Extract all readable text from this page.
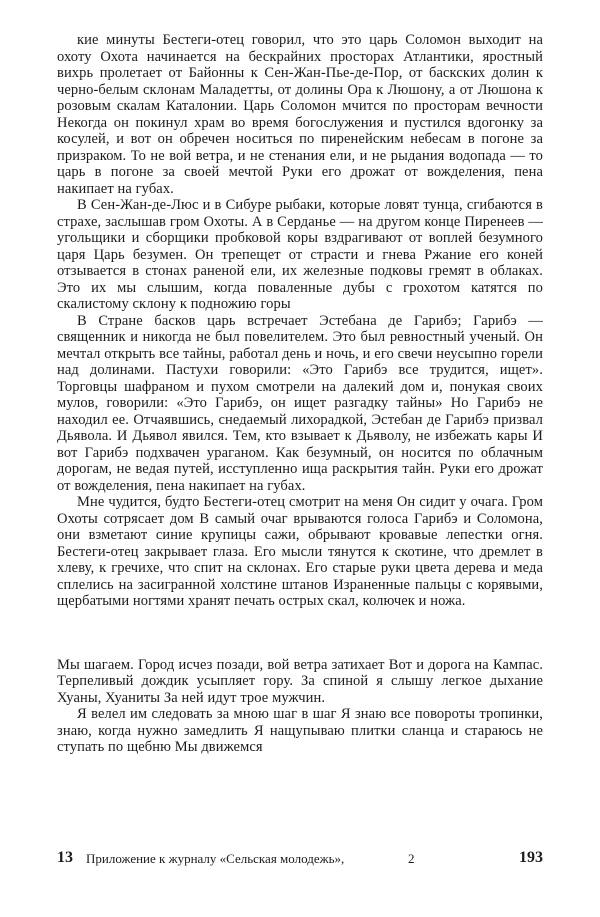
кие минуты Бестеги-отец говорил, что это царь Соломон выходит на охоту Охота начинается на бескрайних просторах Атлантики, яростный вихрь пролетает от Байонны к Сен-Жан-Пье-де-Пор, от баскских долин к черно-белым склонам Маладетты, от долины Ора к Люшону, а от Люшона к розовым скалам Каталонии. Царь Соломон мчится по просторам вечности Некогда он покинул храм во время богослужения и пустился вдогонку за косулей, и вот он обречен носиться по пиренейским небесам в погоне за призраком. То не вой ветра, и не стенания ели, и не рыдания водопада — то царь в погоне за своей мечтой Руки его дрожат от вожделения, пена накипает на губах.

В Сен-Жан-де-Люс и в Сибуре рыбаки, которые ловят тунца, сгибаются в страхе, заслышав гром Охоты. А в Серданье — на другом конце Пиренеев — угольщики и сборщики пробковой коры вздрагивают от воплей безумного царя Царь безумен. Он трепещет от страсти и гнева Ржание его коней отзывается в стонах раненой ели, их железные подковы гремят в облаках. Это их мы слышим, когда поваленные дубы с грохотом катятся по скалистому склону к подножию горы

В Стране басков царь встречает Эстебана де Гарибэ; Гарибэ — священник и никогда не был повелителем. Это был ревностный ученый. Он мечтал открыть все тайны, работал день и ночь, и его свечи неусыпно горели над долинами. Пастухи говорили: «Это Гарибэ все трудится, ищет». Торговцы шафраном и пухом смотрели на далекий дом и, понукая своих мулов, говорили: «Это Гарибэ, он ищет разгадку тайны» Но Гарибэ не находил ее. Отчаявшись, снедаемый лихорадкой, Эстебан де Гарибэ призвал Дьявола. И Дьявол явился. Тем, кто взывает к Дьяволу, не избежать кары И вот Гарибэ подхвачен ураганом. Как безумный, он носится по облачным дорогам, не ведая путей, исступленно ища раскрытия тайн. Руки его дрожат от вожделения, пена накипает на губах.

Мне чудится, будто Бестеги-отец смотрит на меня Он сидит у очага. Гром Охоты сотрясает дом В самый очаг врываются голоса Гарибэ и Соломона, они взметают синие крупицы сажи, обрывают кровавые лепестки огня. Бестеги-отец закрывает глаза. Его мысли тянутся к скотине, что дремлет в хлеву, к гречихе, что спит на склонах. Его старые руки цвета дерева и меда сплелись на засигранной холстине штанов Израненные пальцы с корявыми, щербатыми ногтями хранят печать острых скал, колючек и ножа.

Мы шагаем. Город исчез позади, вой ветра затихает Вот и дорога на Кампас. Терпеливый дождик усыпляет гору. За спиной я слышу легкое дыхание Хуаны, Хуаниты За ней идут трое мужчин.

Я велел им следовать за мною шаг в шаг Я знаю все повороты тропинки, знаю, когда нужно замедлить Я нащупываю плитки сланца и стараюсь не ступать по щебню Мы движемся

13 Приложение к журналу «Сельская молодежь»,	2	193
